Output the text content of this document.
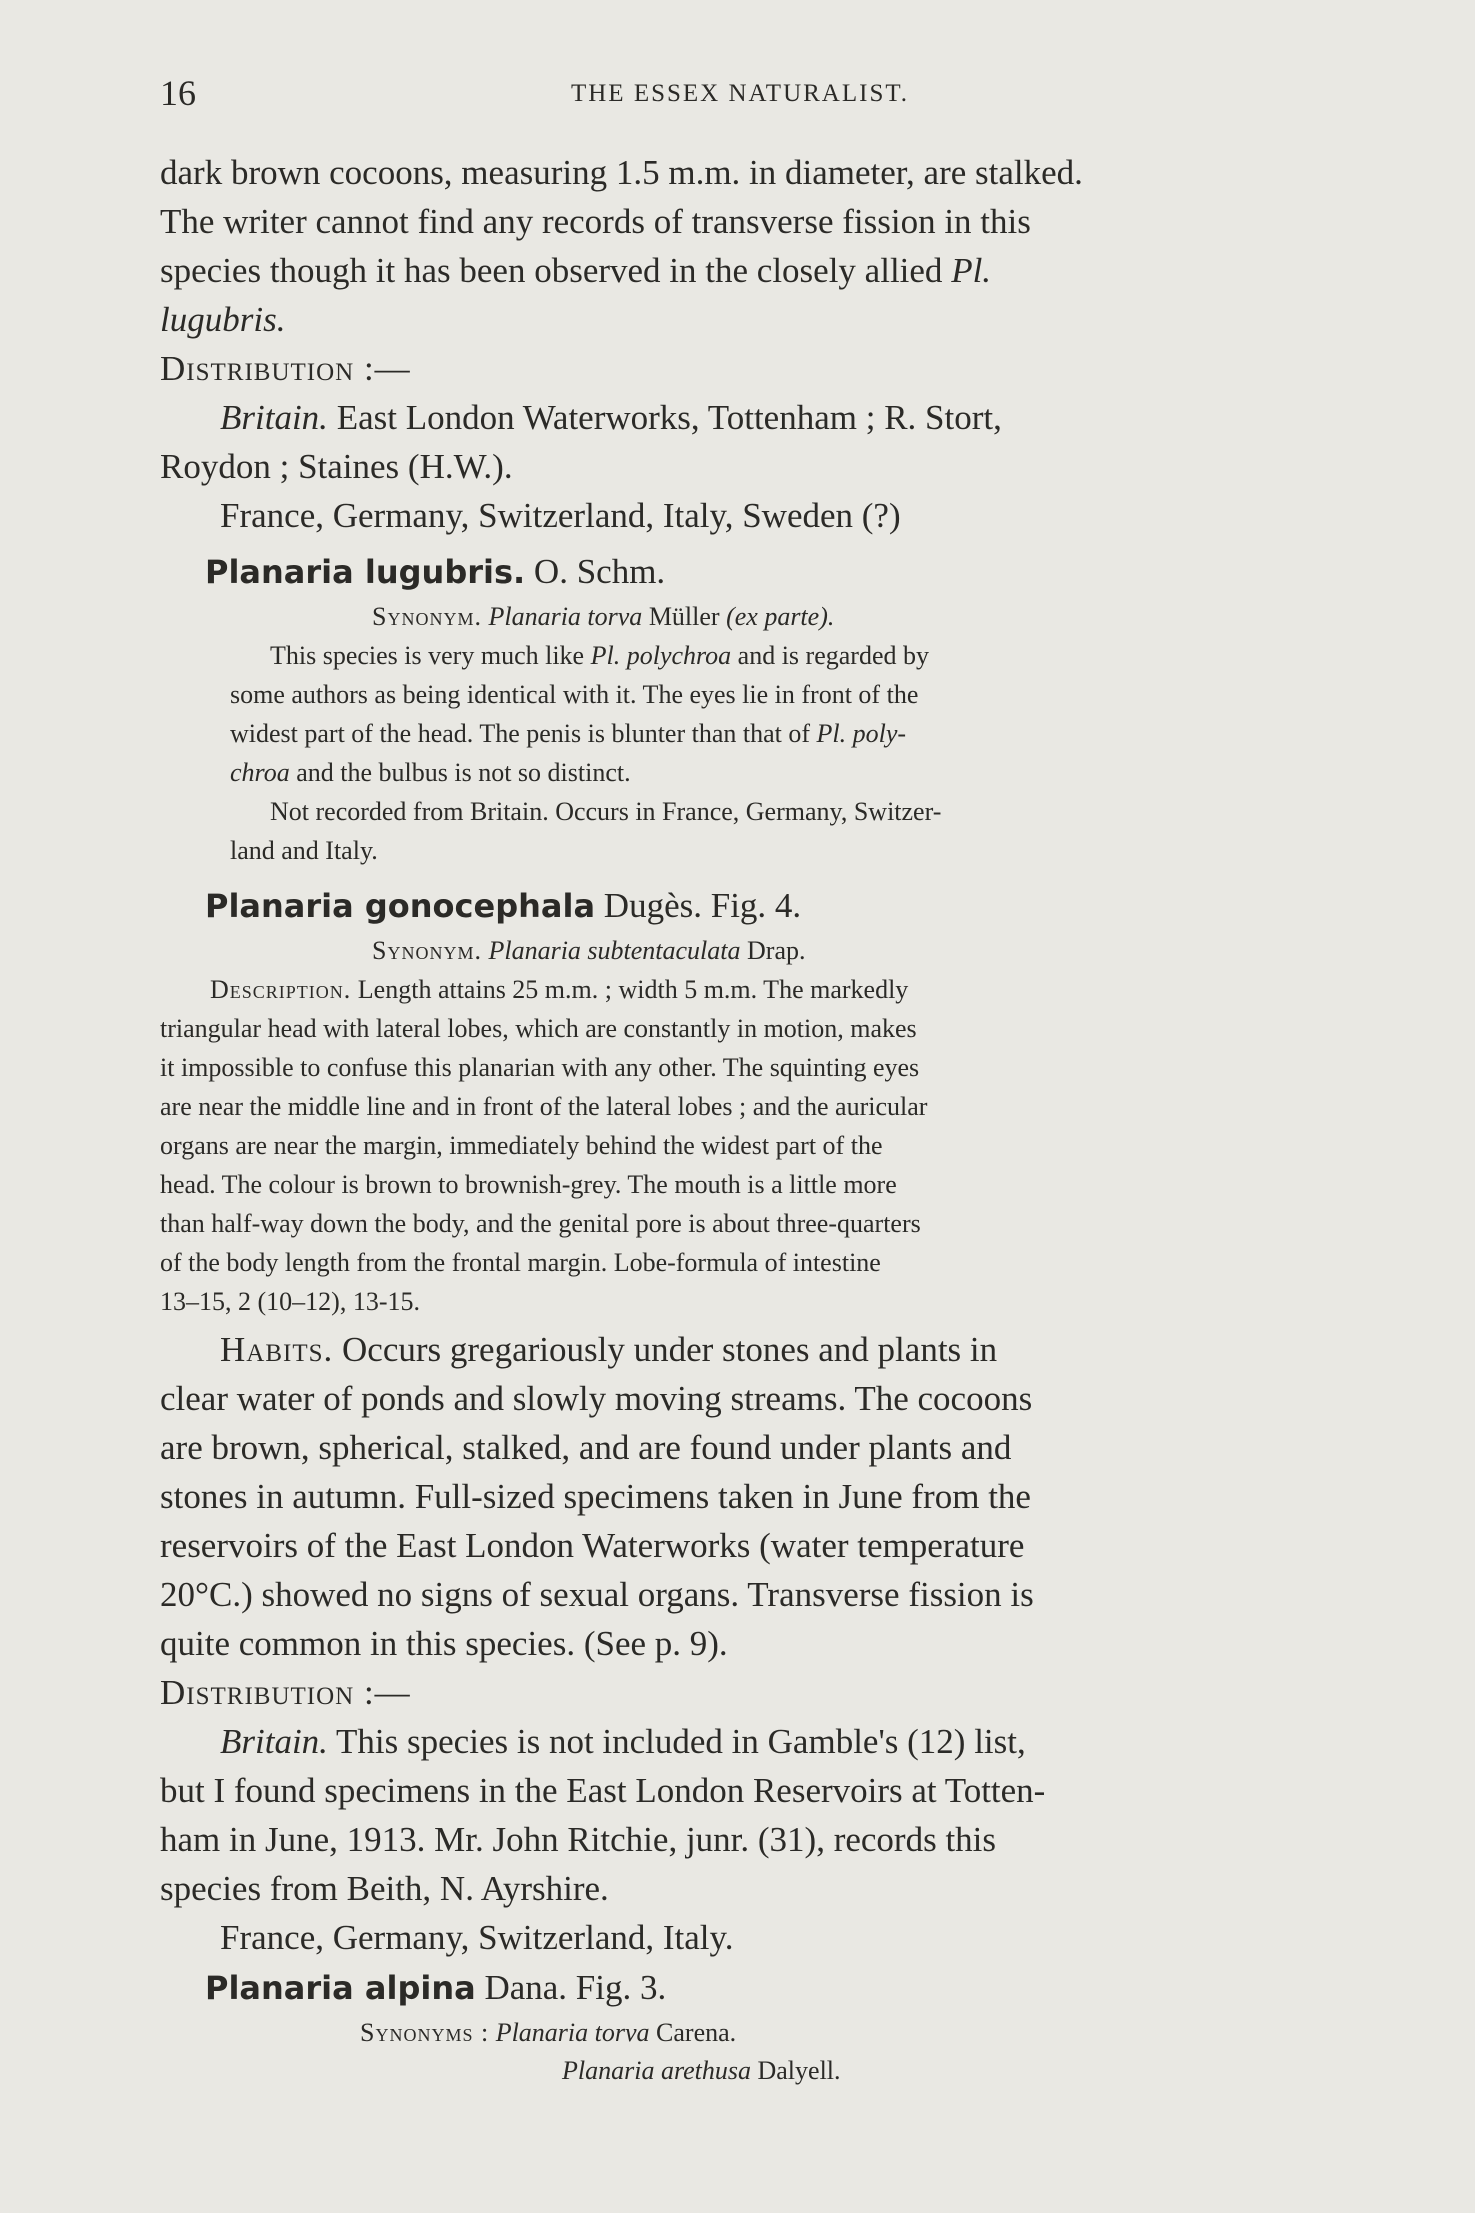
16	THE ESSEX NATURALIST.
dark brown cocoons, measuring 1.5 m.m. in diameter, are stalked.
The writer cannot find any records of transverse fission in this
species though it has been observed in the closely allied Pl.
lugubris.
Distribution :—
Britain. East London Waterworks, Tottenham ; R. Stort,
Roydon ; Staines (H.W.).
France, Germany, Switzerland, Italy, Sweden (?)
Planaria lugubris. O. Schm.
Synonym. Planaria torva Müller (ex parte).
This species is very much like Pl. polychroa and is regarded by
some authors as being identical with it. The eyes lie in front of the
widest part of the head. The penis is blunter than that of Pl. poly-
chroa and the bulbus is not so distinct.
Not recorded from Britain. Occurs in France, Germany, Switzer-
land and Italy.
Planaria gonocephala Dugès. Fig. 4.
Synonym. Planaria subtentaculata Drap.
Description. Length attains 25 m.m. ; width 5 m.m. The markedly
triangular head with lateral lobes, which are constantly in motion, makes
it impossible to confuse this planarian with any other. The squinting eyes
are near the middle line and in front of the lateral lobes ; and the auricular
organs are near the margin, immediately behind the widest part of the
head. The colour is brown to brownish-grey. The mouth is a little more
than half-way down the body, and the genital pore is about three-quarters
of the body length from the frontal margin. Lobe-formula of intestine
13–15, 2 (10–12), 13-15.
Habits. Occurs gregariously under stones and plants in
clear water of ponds and slowly moving streams. The cocoons
are brown, spherical, stalked, and are found under plants and
stones in autumn. Full-sized specimens taken in June from the
reservoirs of the East London Waterworks (water temperature
20°C.) showed no signs of sexual organs. Transverse fission is
quite common in this species. (See p. 9).
Distribution :—
Britain. This species is not included in Gamble's (12) list,
but I found specimens in the East London Reservoirs at Totten-
ham in June, 1913. Mr. John Ritchie, junr. (31), records this
species from Beith, N. Ayrshire.
France, Germany, Switzerland, Italy.
Planaria alpina Dana. Fig. 3.
Synonyms : Planaria torva Carena.
Planaria arethusa Dalyell.
